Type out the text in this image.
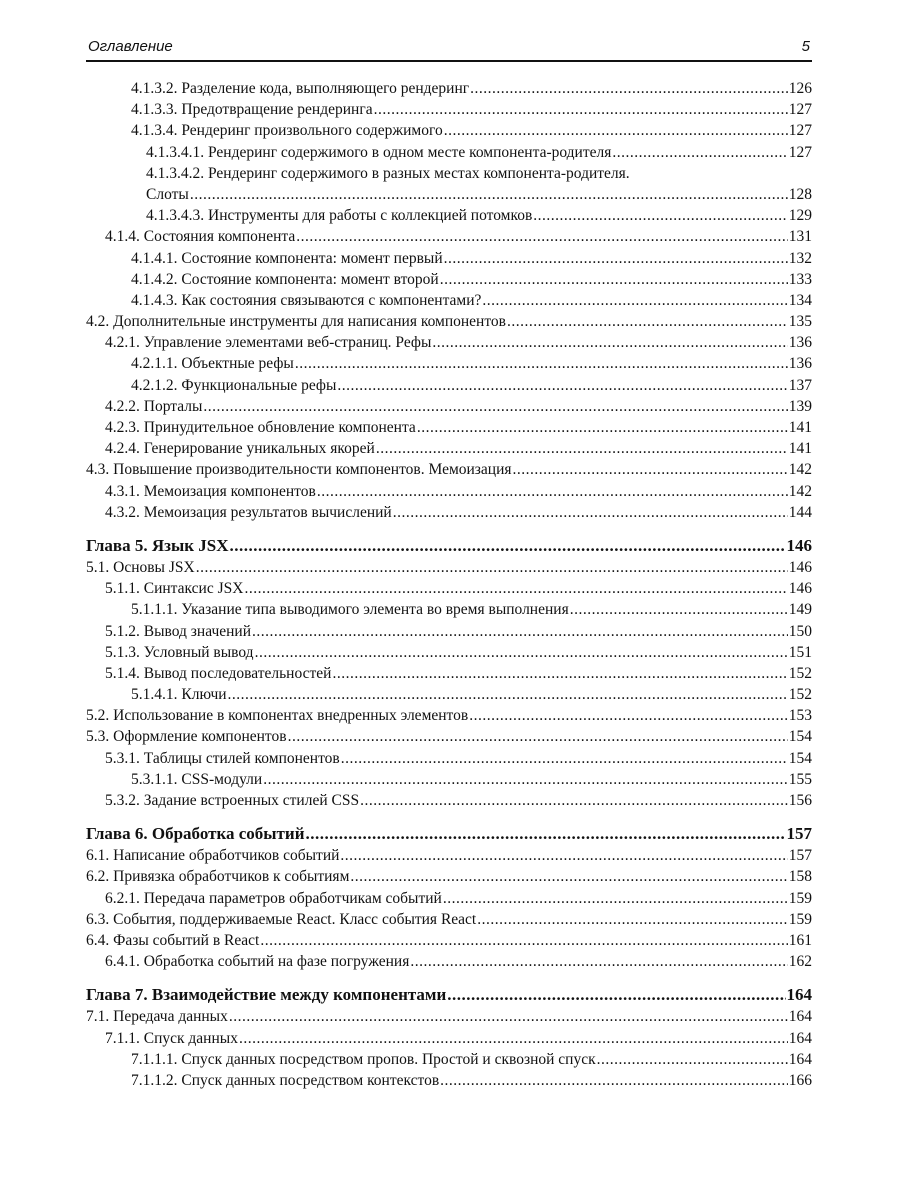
Оглавление	5
4.1.3.2. Разделение кода, выполняющего рендеринг .....	126
4.1.3.3. Предотвращение рендеринга .....	127
4.1.3.4. Рендеринг произвольного содержимого .....	127
4.1.3.4.1. Рендеринг содержимого в одном месте компонента-родителя .....	127
4.1.3.4.2. Рендеринг содержимого в разных местах компонента-родителя.
Слоты .....	128
4.1.3.4.3. Инструменты для работы с коллекцией потомков .....	129
4.1.4. Состояния компонента .....	131
4.1.4.1. Состояние компонента: момент первый .....	132
4.1.4.2. Состояние компонента: момент второй .....	133
4.1.4.3. Как состояния связываются с компонентами? .....	134
4.2. Дополнительные инструменты для написания компонентов .....	135
4.2.1. Управление элементами веб-страниц. Рефы .....	136
4.2.1.1. Объектные рефы .....	136
4.2.1.2. Функциональные рефы .....	137
4.2.2. Порталы .....	139
4.2.3. Принудительное обновление компонента .....	141
4.2.4. Генерирование уникальных якорей .....	141
4.3. Повышение производительности компонентов. Мемоизация .....	142
4.3.1. Мемоизация компонентов .....	142
4.3.2. Мемоизация результатов вычислений .....	144
Глава 5. Язык JSX .....	146
5.1. Основы JSX .....	146
5.1.1. Синтаксис JSX .....	146
5.1.1.1. Указание типа выводимого элемента во время выполнения .....	149
5.1.2. Вывод значений .....	150
5.1.3. Условный вывод .....	151
5.1.4. Вывод последовательностей .....	152
5.1.4.1. Ключи .....	152
5.2. Использование в компонентах внедренных элементов .....	153
5.3. Оформление компонентов .....	154
5.3.1. Таблицы стилей компонентов .....	154
5.3.1.1. CSS-модули .....	155
5.3.2. Задание встроенных стилей CSS .....	156
Глава 6. Обработка событий .....	157
6.1. Написание обработчиков событий .....	157
6.2. Привязка обработчиков к событиям .....	158
6.2.1. Передача параметров обработчикам событий .....	159
6.3. События, поддерживаемые React. Класс события React .....	159
6.4. Фазы событий в React .....	161
6.4.1. Обработка событий на фазе погружения .....	162
Глава 7. Взаимодействие между компонентами .....	164
7.1. Передача данных .....	164
7.1.1. Спуск данных .....	164
7.1.1.1. Спуск данных посредством пропов. Простой и сквозной спуск .....	164
7.1.1.2. Спуск данных посредством контекстов .....	166
